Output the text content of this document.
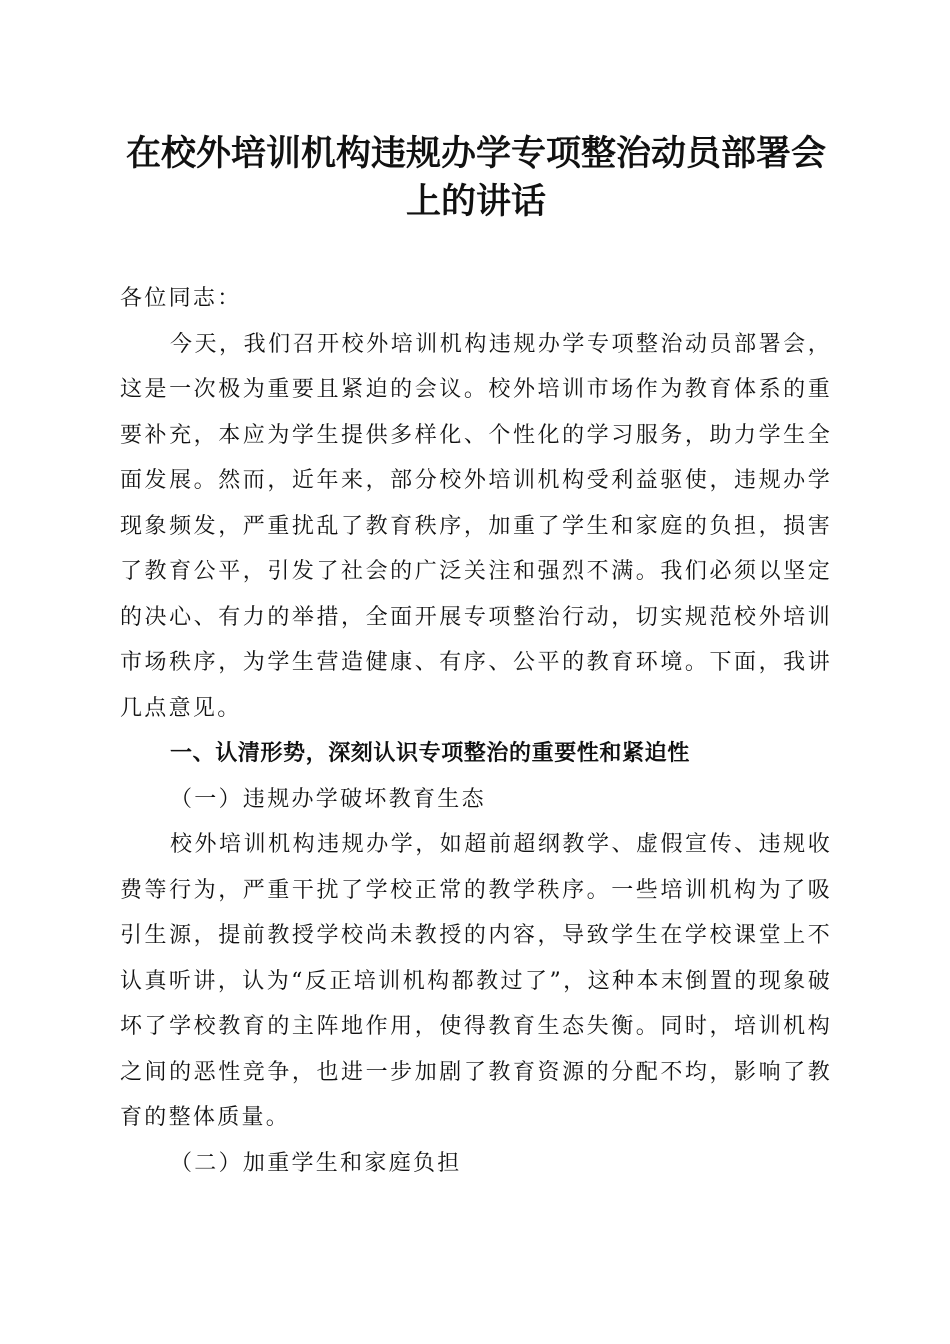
在校外培训机构违规办学专项整治动员部署会
上的讲话

各位同志：

今天，我们召开校外培训机构违规办学专项整治动员部署会，这是一次极为重要且紧迫的会议。校外培训市场作为教育体系的重要补充，本应为学生提供多样化、个性化的学习服务，助力学生全面发展。然而，近年来，部分校外培训机构受利益驱使，违规办学现象频发，严重扰乱了教育秩序，加重了学生和家庭的负担，损害了教育公平，引发了社会的广泛关注和强烈不满。我们必须以坚定的决心、有力的举措，全面开展专项整治行动，切实规范校外培训市场秩序，为学生营造健康、有序、公平的教育环境。下面，我讲几点意见。

一、认清形势，深刻认识专项整治的重要性和紧迫性

（一）违规办学破坏教育生态

校外培训机构违规办学，如超前超纲教学、虚假宣传、违规收费等行为，严重干扰了学校正常的教学秩序。一些培训机构为了吸引生源，提前教授学校尚未教授的内容，导致学生在学校课堂上不认真听讲，认为“反正培训机构都教过了”，这种本末倒置的现象破坏了学校教育的主阵地作用，使得教育生态失衡。同时，培训机构之间的恶性竞争，也进一步加剧了教育资源的分配不均，影响了教育的整体质量。

（二）加重学生和家庭负担
